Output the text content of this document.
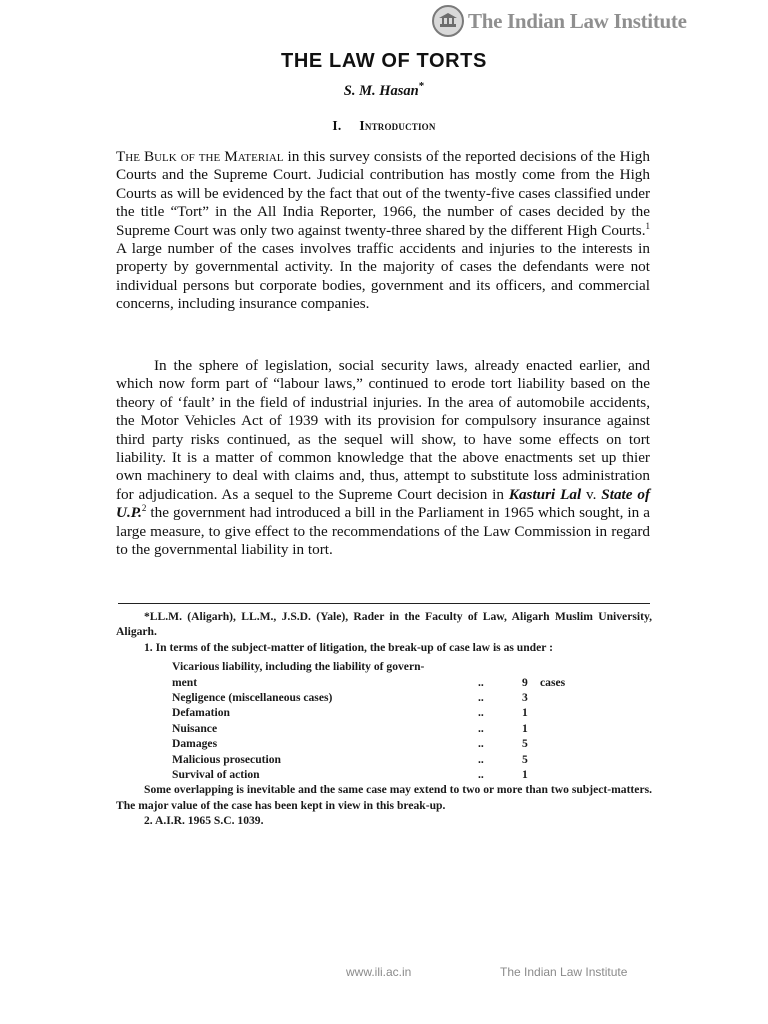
The Indian Law Institute
THE LAW OF TORTS
S. M. Hasan*
I. Introduction

The Bulk of the Material in this survey consists of the reported decisions of the High Courts and the Supreme Court. Judicial contribution has mostly come from the High Courts as will be evidenced by the fact that out of the twenty-five cases classified under the title “Tort” in the All India Reporter, 1966, the number of cases decided by the Supreme Court was only two against twenty-three shared by the different High Courts.$^1$ A large number of the cases involves traffic accidents and injuries to the interests in property by governmental activity. In the majority of cases the defendants were not individual persons but corporate bodies, government and its officers, and commercial concerns, including insurance companies.

In the sphere of legislation, social security laws, already enacted earlier, and which now form part of “labour laws,” continued to erode tort liability based on the theory of ‘fault’ in the field of industrial injuries. In the area of automobile accidents, the Motor Vehicles Act of 1939 with its provision for compulsory insurance against third party risks continued, as the sequel will show, to have some effects on tort liability. It is a matter of common knowledge that the above enactments set up thier own machinery to deal with claims and, thus, attempt to substitute loss administration for adjudication. As a sequel to the Supreme Court decision in Kasturi Lal v. State of U.P.$^2$ the government had introduced a bill in the Parliament in 1965 which sought, in a large measure, to give effect to the recommendations of the Law Commission in regard to the governmental liability in tort.

*LL.M. (Aligarh), LL.M., J.S.D. (Yale), Rader in the Faculty of Law, Aligarh Muslim University, Aligarh.

1. In terms of the subject-matter of litigation, the break-up of case law is as under :

Vicarious liability, including the liability of govern-
ment	..	9	cases
Negligence (miscellaneous cases)	..	3
Defamation	..	1
Nuisance	..	1
Damages	..	5
Malicious prosecution	..	5
Survival of action	..	1

Some overlapping is inevitable and the same case may extend to two or more than two subject-matters. The major value of the case has been kept in view in this break-up.

2. A.I.R. 1965 S.C. 1039.

www.ili.ac.in	The Indian Law Institute
